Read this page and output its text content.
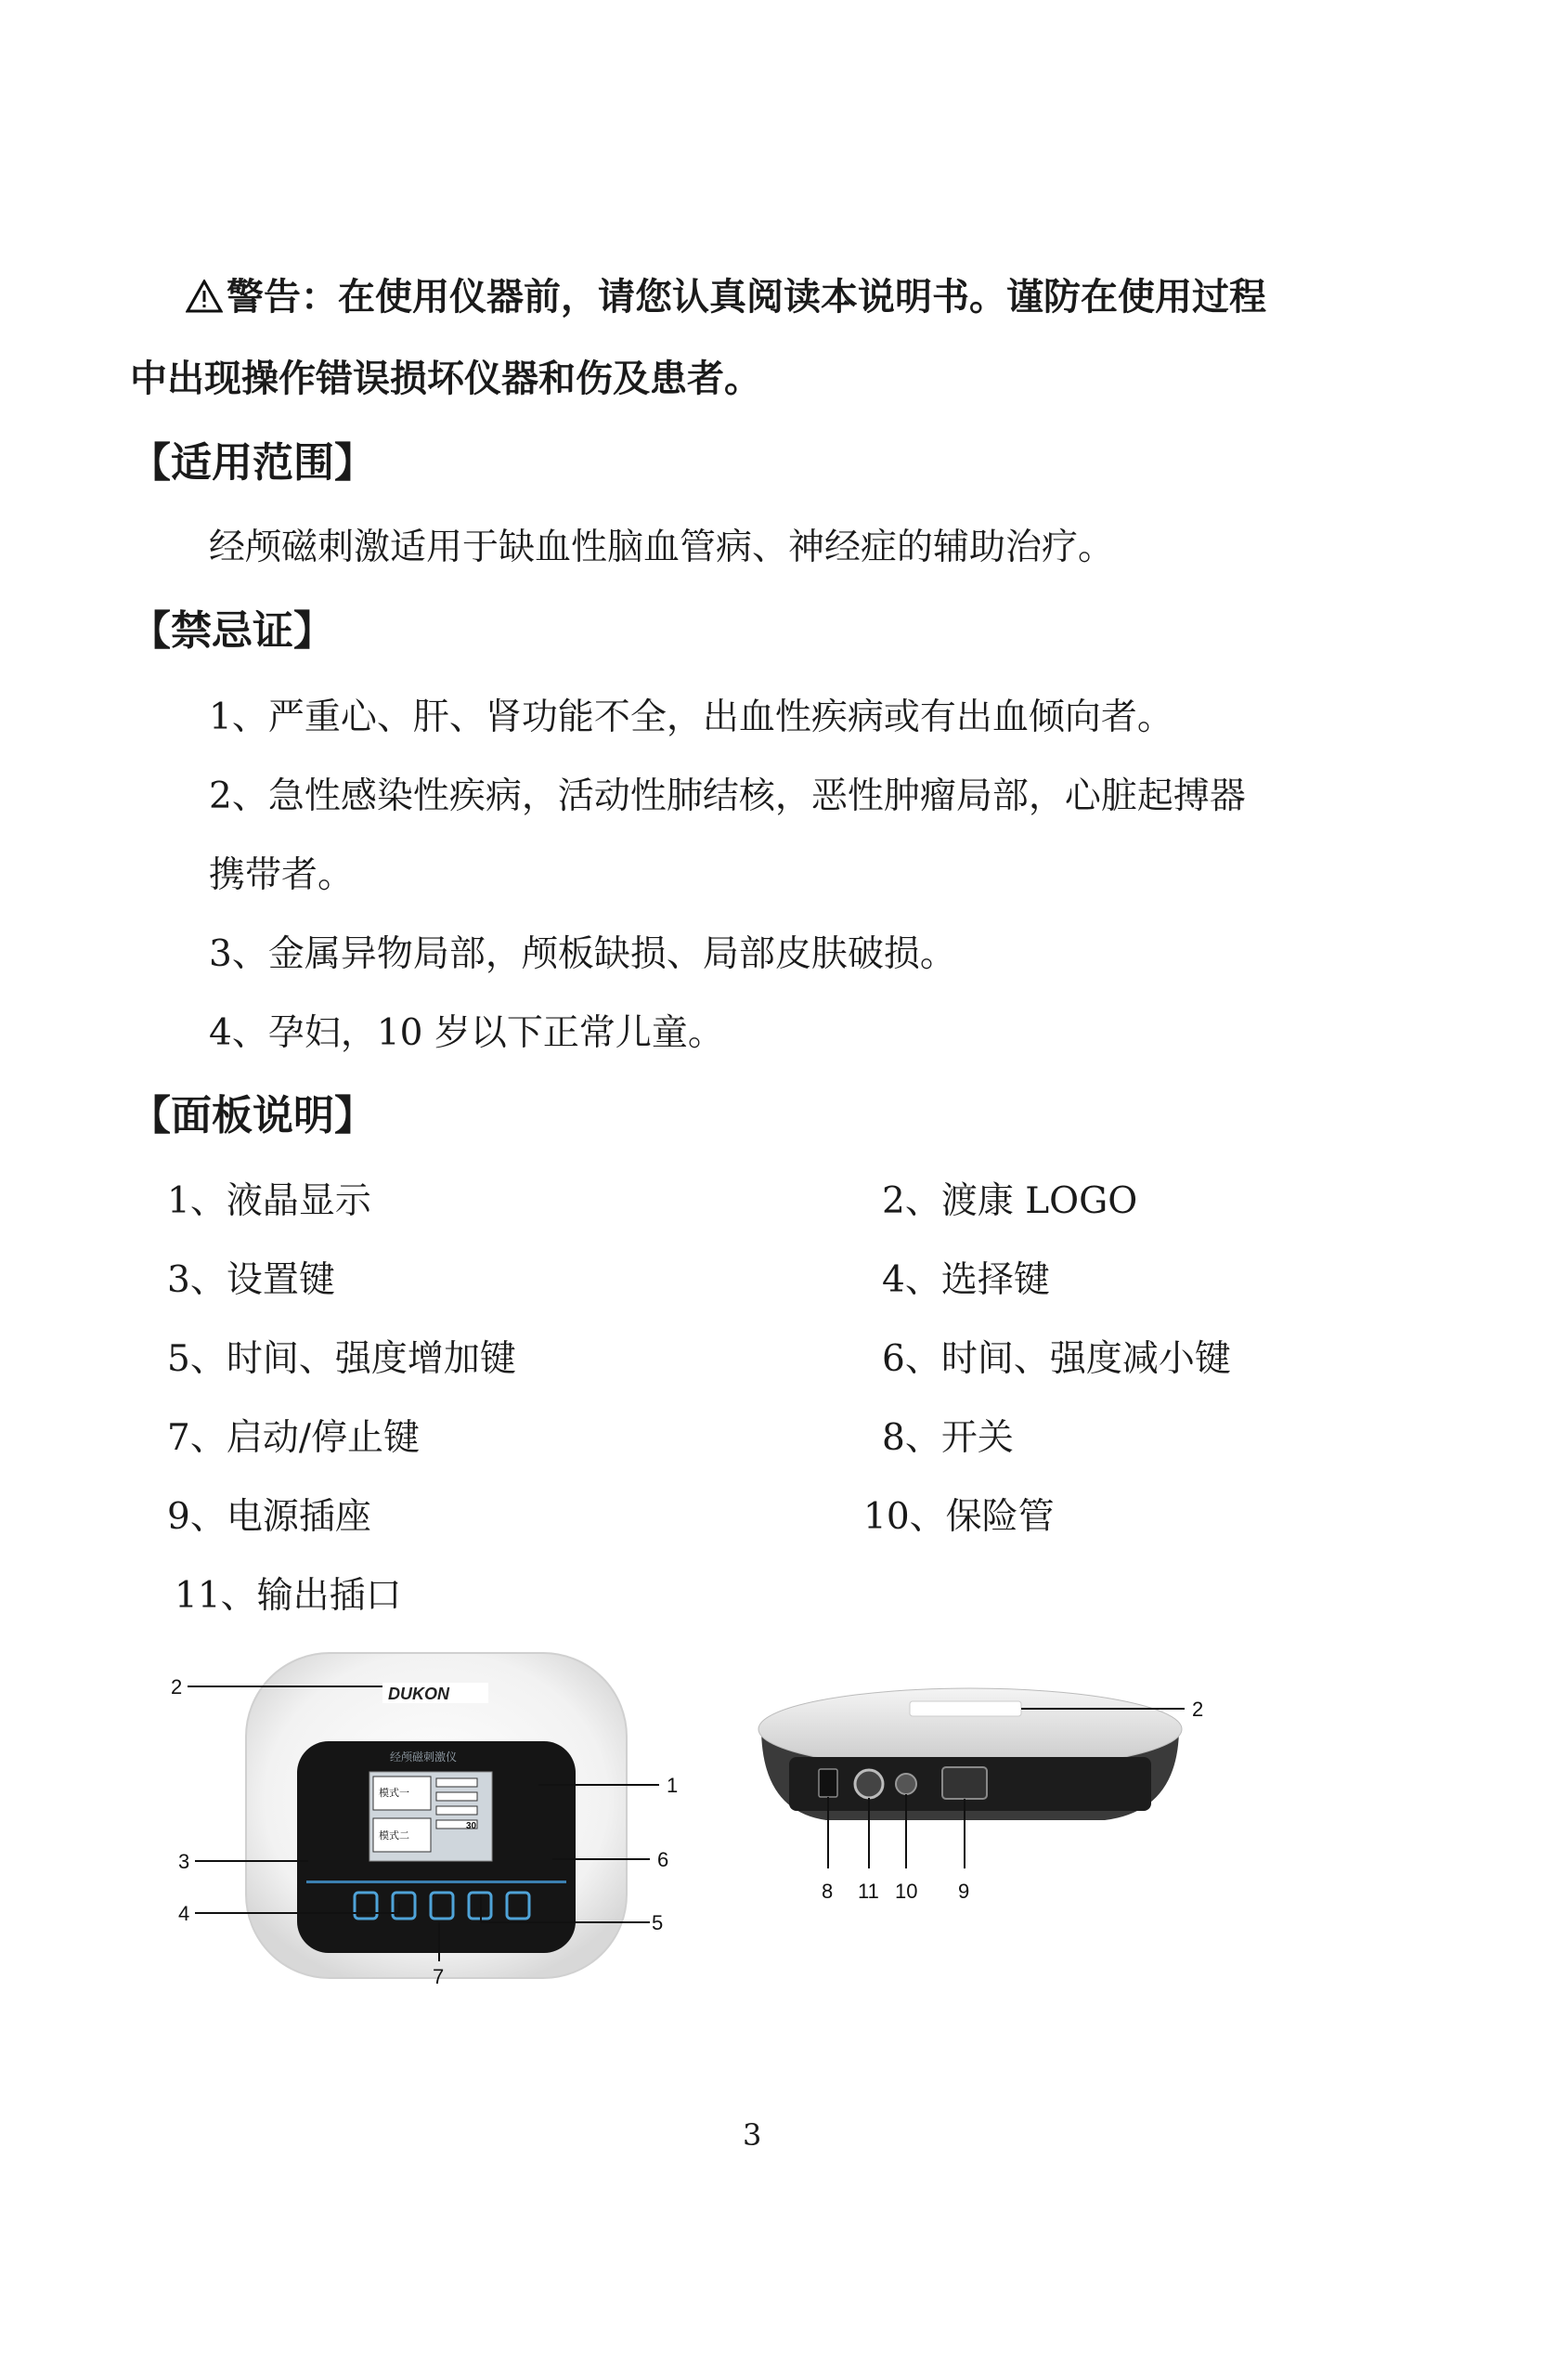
警告：在使用仪器前，请您认真阅读本说明书。谨防在使用过程
中出现操作错误损坏仪器和伤及患者。
【适用范围】
经颅磁刺激适用于缺血性脑血管病、神经症的辅助治疗。
【禁忌证】
1、严重心、肝、肾功能不全，出血性疾病或有出血倾向者。
2、急性感染性疾病，活动性肺结核，恶性肿瘤局部，心脏起搏器
携带者。
3、金属异物局部，颅板缺损、局部皮肤破损。
4、孕妇，10 岁以下正常儿童。
【面板说明】
1、液晶显示	2、渡康 LOGO
3、设置键	4、选择键
5、时间、强度增加键	6、时间、强度减小键
7、启动/停止键	8、开关
9、电源插座	10、保险管
11、输出插口
DUKON
经颅磁刺激仪
模式一
模式二
30
2
1
3	6
4	5
7
2
8 11 10 9
3
